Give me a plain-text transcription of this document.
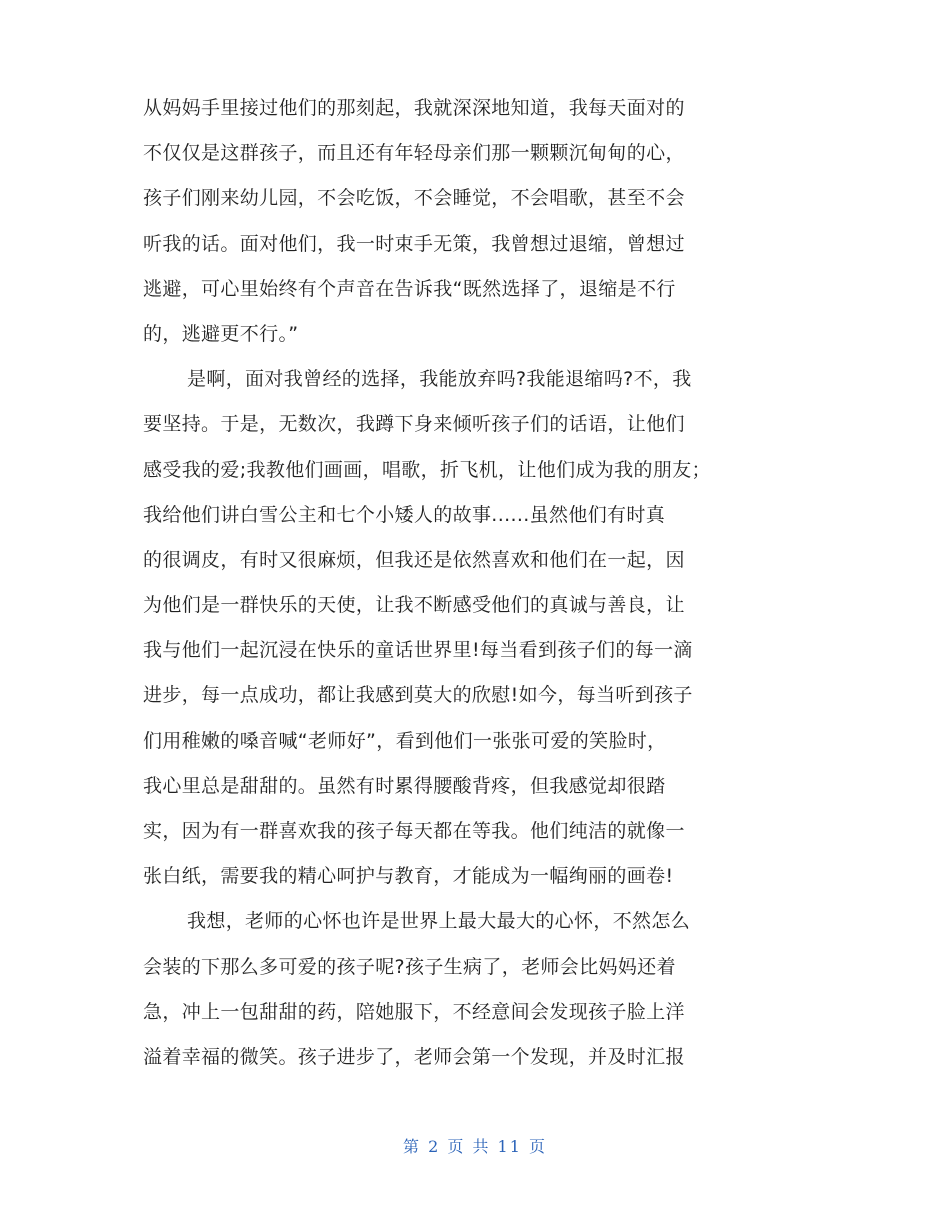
从妈妈手里接过他们的那刻起，我就深深地知道，我每天面对的
不仅仅是这群孩子，而且还有年轻母亲们那一颗颗沉甸甸的心，
孩子们刚来幼儿园，不会吃饭，不会睡觉，不会唱歌，甚至不会
听我的话。面对他们，我一时束手无策，我曾想过退缩，曾想过
逃避，可心里始终有个声音在告诉我“既然选择了，退缩是不行
的，逃避更不行。”
是啊，面对我曾经的选择，我能放弃吗?我能退缩吗?不，我
要坚持。于是，无数次，我蹲下身来倾听孩子们的话语，让他们
感受我的爱;我教他们画画，唱歌，折飞机，让他们成为我的朋友；
我给他们讲白雪公主和七个小矮人的故事......虽然他们有时真
的很调皮，有时又很麻烦，但我还是依然喜欢和他们在一起，因
为他们是一群快乐的天使，让我不断感受他们的真诚与善良，让
我与他们一起沉浸在快乐的童话世界里!每当看到孩子们的每一滴
进步，每一点成功，都让我感到莫大的欣慰!如今，每当听到孩子
们用稚嫩的嗓音喊“老师好”，看到他们一张张可爱的笑脸时，
我心里总是甜甜的。虽然有时累得腰酸背疼，但我感觉却很踏
实，因为有一群喜欢我的孩子每天都在等我。他们纯洁的就像一
张白纸，需要我的精心呵护与教育，才能成为一幅绚丽的画卷!
我想，老师的心怀也许是世界上最大最大的心怀，不然怎么
会装的下那么多可爱的孩子呢?孩子生病了，老师会比妈妈还着
急，冲上一包甜甜的药，陪她服下，不经意间会发现孩子脸上洋
溢着幸福的微笑。孩子进步了，老师会第一个发现，并及时汇报
第 2 页 共 11 页
